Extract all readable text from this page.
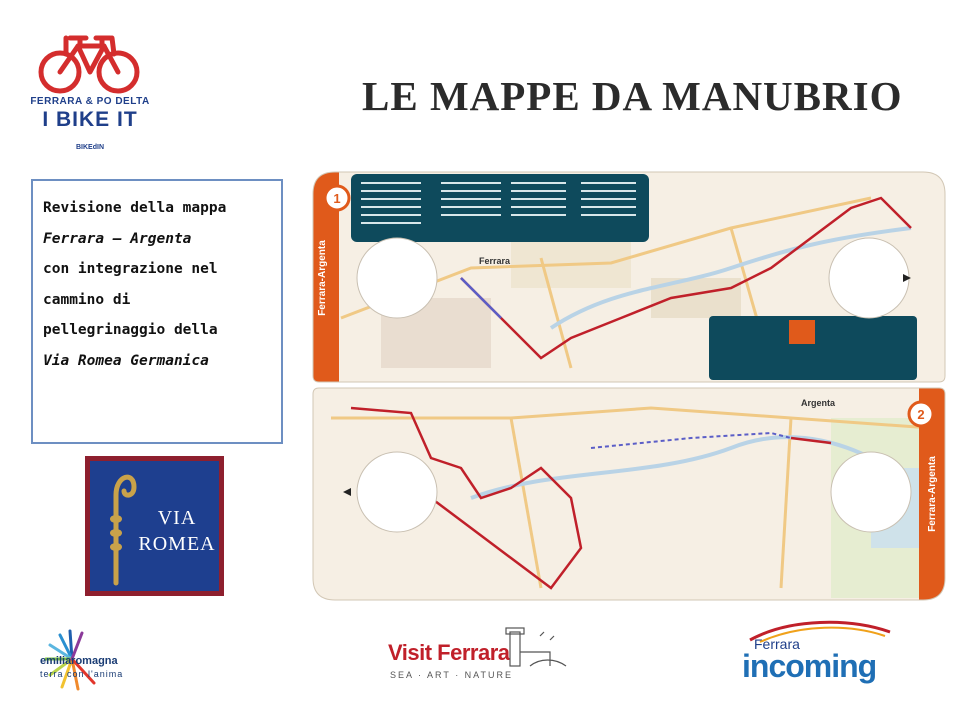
FERRARA & PO DELTA
I BIKE IT
BIKEdIN
LE MAPPE DA MANUBRIO

Revisione della mappa

Ferrara – Argenta

con integrazione nel

cammino di

pellegrinaggio della

Via Romea Germanica

VIA
ROMEA
1
Ferrara-Argenta	Ferrara
2
Ferrara-Argenta
Argenta
emiliaromagna
terra con l'anima
Visit Ferrara
SEA · ART · NATURE
Ferrara
incoming
